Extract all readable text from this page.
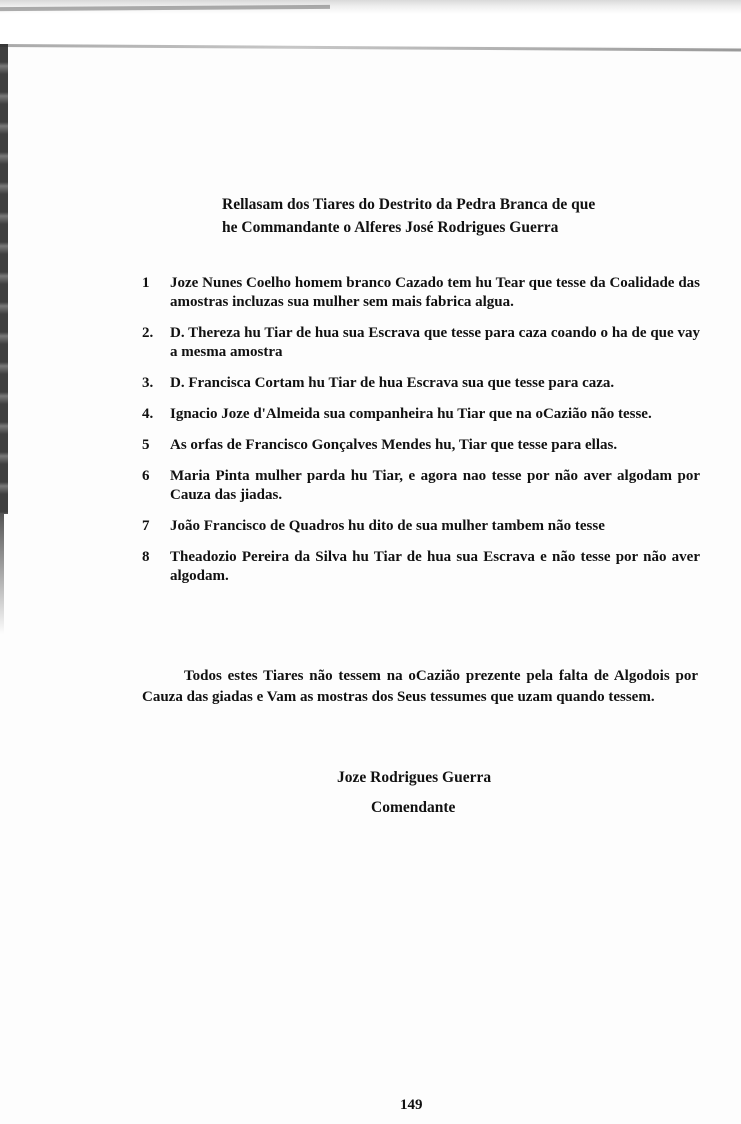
Rellasam dos Tiares do Destrito da Pedra Branca de que
he Commandante o Alferes José Rodrigues Guerra
1	Joze Nunes Coelho homem branco Cazado tem hu Tear que tesse da Coalidade das amostras incluzas sua mulher sem mais fabrica algua.
2.	D. Thereza hu Tiar de hua sua Escrava que tesse para caza coando o ha de que vay a mesma amostra
3.	D. Francisca Cortam hu Tiar de hua Escrava sua que tesse para caza.
4.	Ignacio Joze d'Almeida sua companheira hu Tiar que na oCazião não tesse.
5	As orfas de Francisco Gonçalves Mendes hu, Tiar que tesse para ellas.
6	Maria Pinta mulher parda hu Tiar, e agora nao tesse por não aver algodam por Cauza das jiadas.
7	João Francisco de Quadros hu dito de sua mulher tambem não tesse
8	Theadozio Pereira da Silva hu Tiar de hua sua Escrava e não tesse por não aver algodam.

Todos estes Tiares não tessem na oCazião prezente pela falta de Algodois por Cauza das giadas e Vam as mostras dos Seus tessumes que uzam quando tessem.

Joze Rodrigues Guerra
Comendante
149
